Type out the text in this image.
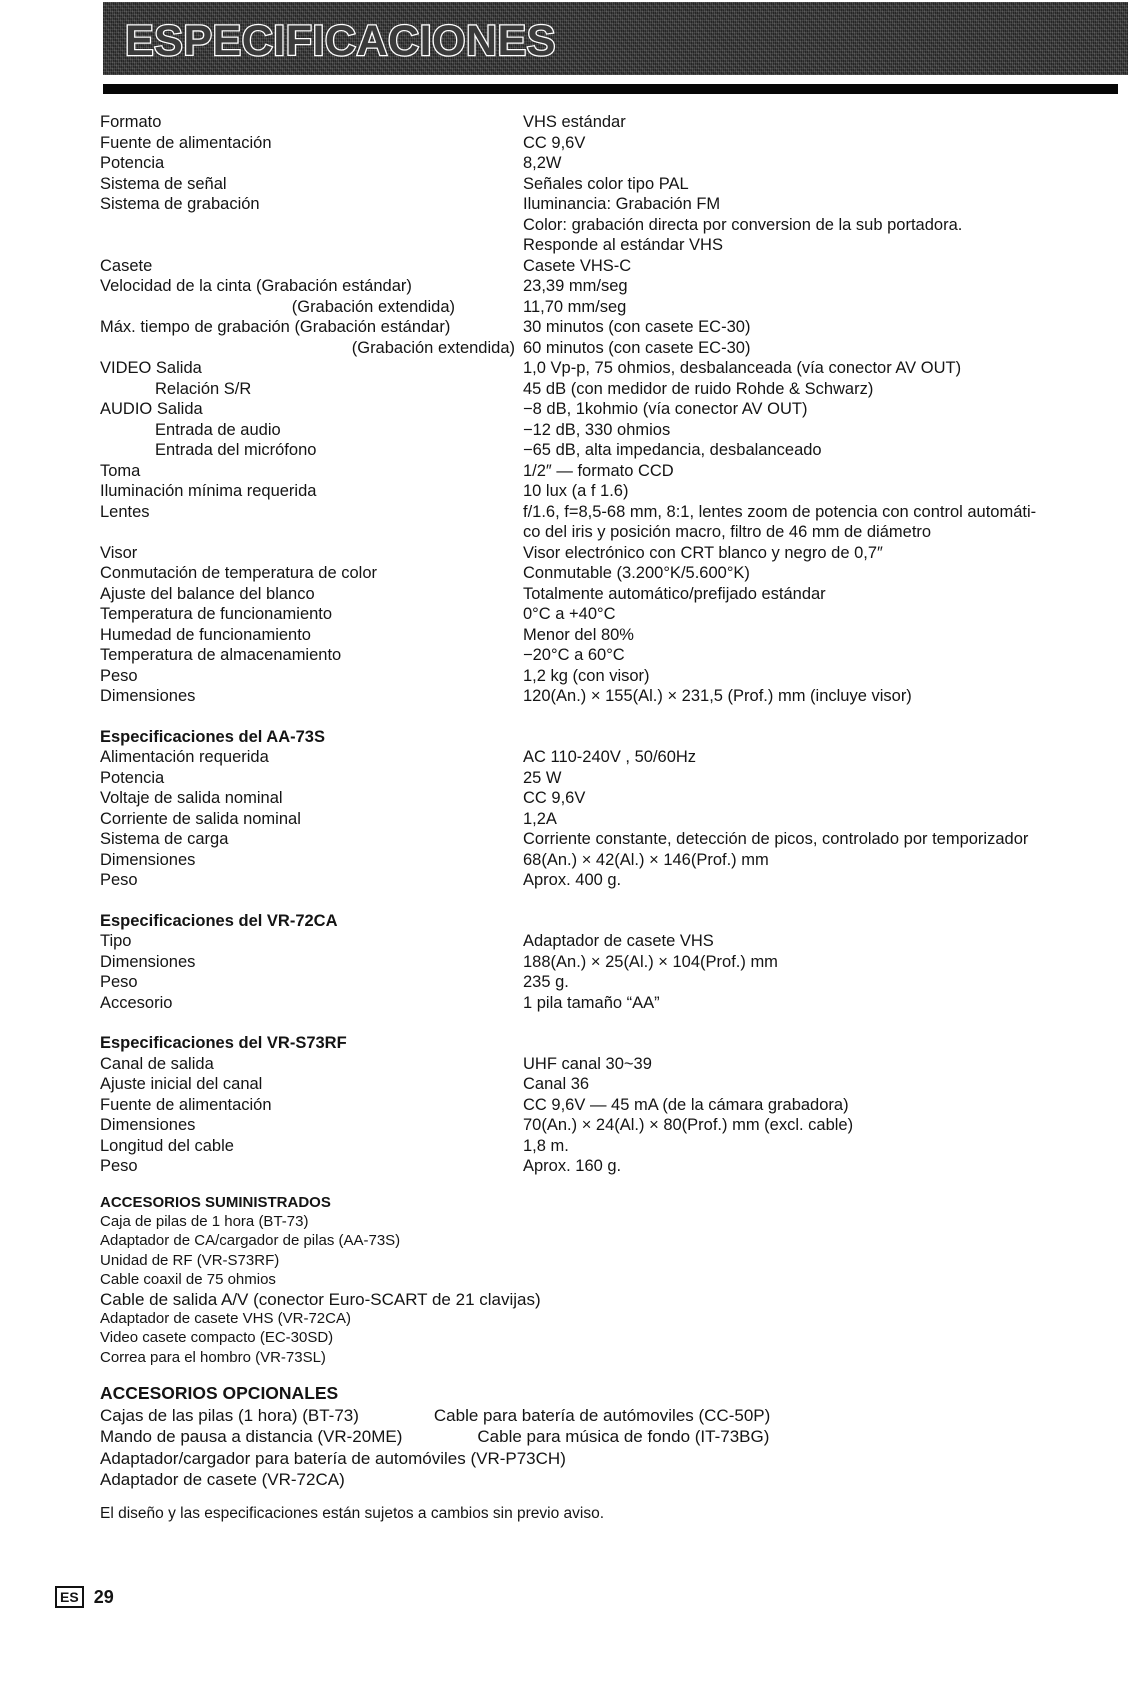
ESPECIFICACIONES
Formato	VHS estándar
Fuente de alimentación	CC 9,6V
Potencia	8,2W
Sistema de señal	Señales color tipo PAL
Sistema de grabación	Iluminancia: Grabación FM
Color: grabación directa por conversion de la sub portadora.
Responde al estándar VHS
Casete	Casete VHS-C
Velocidad de la cinta (Grabación estándar)	23,39 mm/seg
(Grabación extendida)	11,70 mm/seg
Máx. tiempo de grabación (Grabación estándar)	30 minutos (con casete EC-30)
(Grabación extendida) 60 minutos (con casete EC-30)
VIDEO Salida	1,0 Vp-p, 75 ohmios, desbalanceada (vía conector AV OUT)
Relación S/R	45 dB (con medidor de ruido Rohde & Schwarz)
AUDIO Salida	−8 dB, 1kohmio (vía conector AV OUT)
Entrada de audio	−12 dB, 330 ohmios
Entrada del micrófono	−65 dB, alta impedancia, desbalanceado
Toma	1/2″ — formato CCD
Iluminación mínima requerida	10 lux (a f 1.6)
Lentes	f/1.6, f=8,5-68 mm, 8:1, lentes zoom de potencia con control automáti-
co del iris y posición macro, filtro de 46 mm de diámetro
Visor	Visor electrónico con CRT blanco y negro de 0,7″
Conmutación de temperatura de color	Conmutable (3.200°K/5.600°K)
Ajuste del balance del blanco	Totalmente automático/prefijado estándar
Temperatura de funcionamiento	0°C a +40°C
Humedad de funcionamiento	Menor del 80%
Temperatura de almacenamiento	−20°C a 60°C
Peso	1,2 kg (con visor)
Dimensiones	120(An.) × 155(Al.) × 231,5 (Prof.) mm (incluye visor)
Especificaciones del AA-73S
Alimentación requerida	AC 110-240V , 50/60Hz
Potencia	25 W
Voltaje de salida nominal	CC 9,6V
Corriente de salida nominal	1,2A
Sistema de carga	Corriente constante, detección de picos, controlado por temporizador
Dimensiones	68(An.) × 42(Al.) × 146(Prof.) mm
Peso	Aprox. 400 g.
Especificaciones del VR-72CA
Tipo	Adaptador de casete VHS
Dimensiones	188(An.) × 25(Al.) × 104(Prof.) mm
Peso	235 g.
Accesorio	1 pila tamaño “AA”
Especificaciones del VR-S73RF
Canal de salida	UHF canal 30~39
Ajuste inicial del canal	Canal 36
Fuente de alimentación	CC 9,6V — 45 mA (de la cámara grabadora)
Dimensiones	70(An.) × 24(Al.) × 80(Prof.) mm (excl. cable)
Longitud del cable	1,8 m.
Peso	Aprox. 160 g.
ACCESORIOS SUMINISTRADOS
Caja de pilas de 1 hora (BT-73)
Adaptador de CA/cargador de pilas (AA-73S)
Unidad de RF (VR-S73RF)
Cable coaxil de 75 ohmios
Cable de salida A/V (conector Euro-SCART de 21 clavijas)
Adaptador de casete VHS (VR-72CA)
Video casete compacto (EC-30SD)
Correa para el hombro (VR-73SL)
ACCESORIOS OPCIONALES
Cajas de las pilas (1 hora) (BT-73)	Cable para batería de autómoviles (CC-50P)
Mando de pausa a distancia (VR-20ME)	Cable para música de fondo (IT-73BG)
Adaptador/cargador para batería de automóviles (VR-P73CH)
Adaptador de casete (VR-72CA)
El diseño y las especificaciones están sujetos a cambios sin previo aviso.
ES 29
